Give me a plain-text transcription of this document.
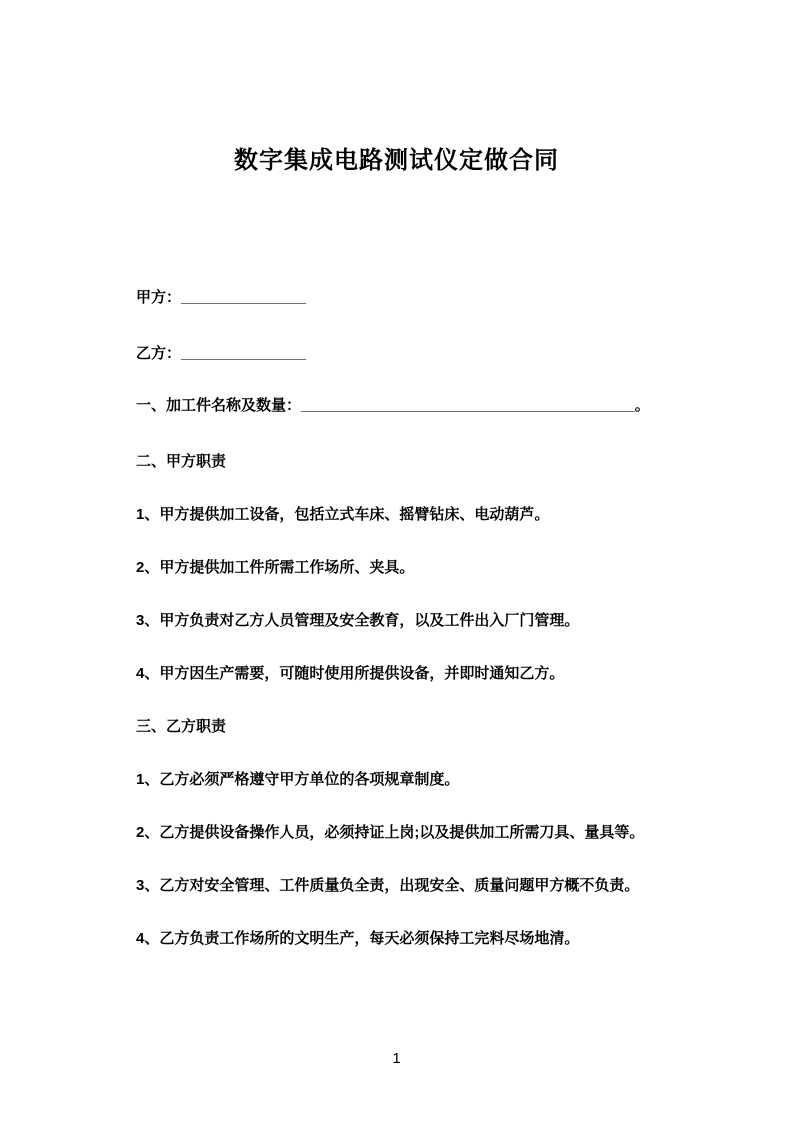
数字集成电路测试仪定做合同

甲方：_______________

乙方：_______________

一、加工件名称及数量：________________________________________。

二、甲方职责

1、甲方提供加工设备，包括立式车床、摇臂钻床、电动葫芦。

2、甲方提供加工件所需工作场所、夹具。

3、甲方负责对乙方人员管理及安全教育，以及工件出入厂门管理。

4、甲方因生产需要，可随时使用所提供设备，并即时通知乙方。

三、乙方职责

1、乙方必须严格遵守甲方单位的各项规章制度。

2、乙方提供设备操作人员，必须持证上岗;以及提供加工所需刀具、量具等。

3、乙方对安全管理、工件质量负全责，出现安全、质量问题甲方概不负责。

4、乙方负责工作场所的文明生产，每天必须保持工完料尽场地清。

1
